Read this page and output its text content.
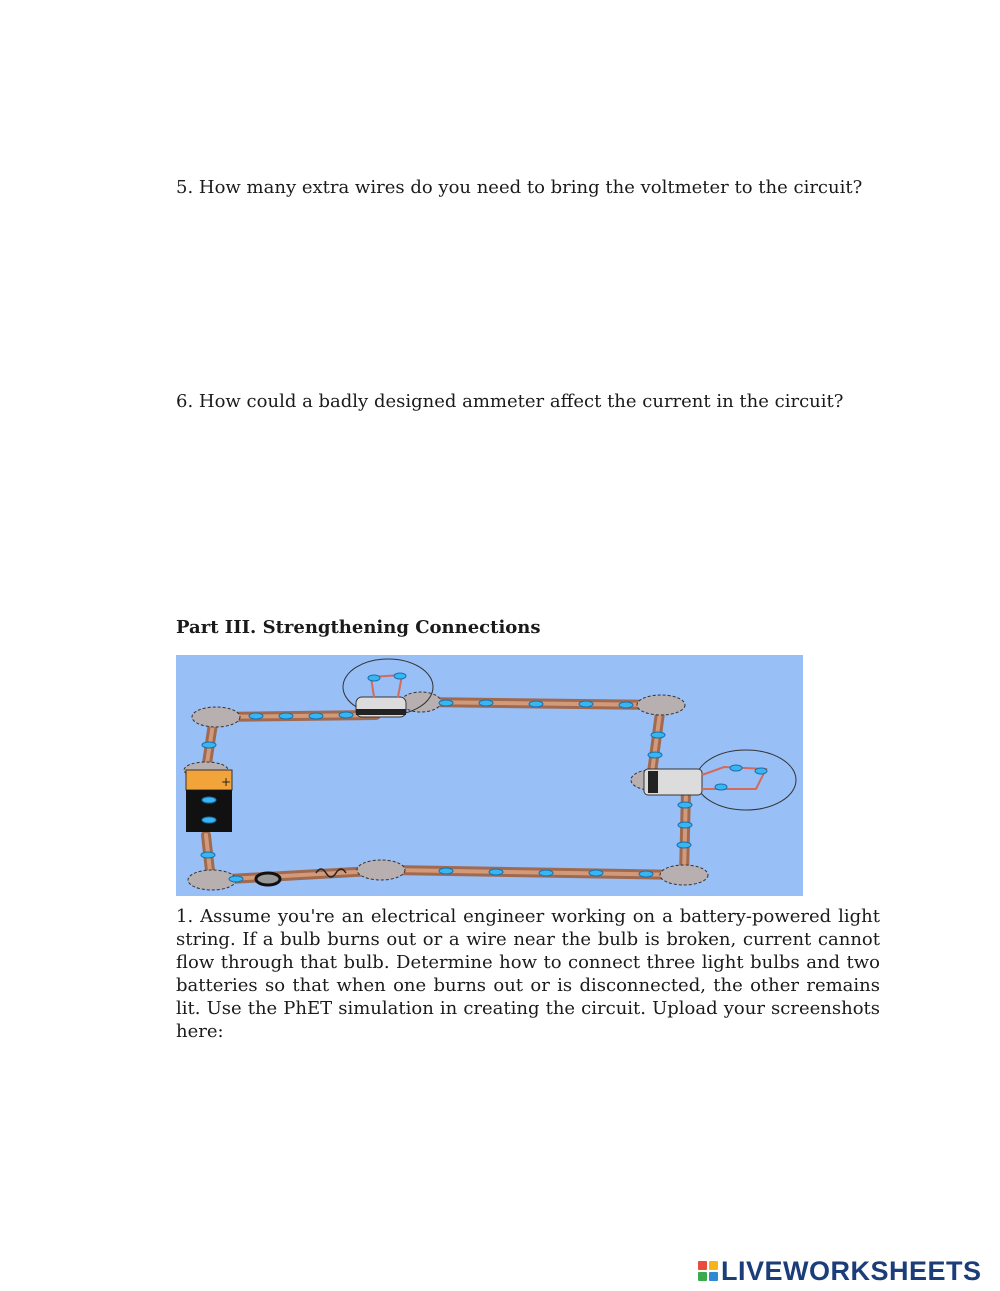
5. How many extra wires do you need to bring the voltmeter to the circuit?

6. How could a badly designed ammeter affect the current in the circuit?

Part III. Strengthening Connections
+

1. Assume you're an electrical engineer working on a battery-powered light string. If a bulb burns out or a wire near the bulb is broken, current cannot flow through that bulb. Determine how to connect three light bulbs and two batteries so that when one burns out or is disconnected, the other remains lit. Use the PhET simulation in creating the circuit. Upload your screenshots here:

LIVEWORKSHEETS
